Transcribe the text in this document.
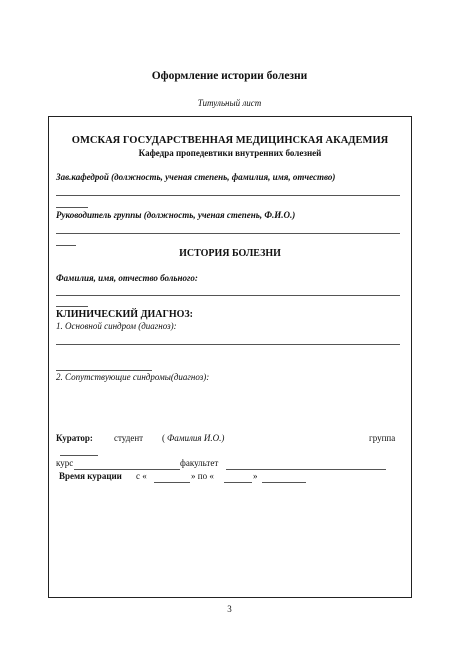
Оформление истории болезни
Титульный лист
ОМСКАЯ ГОСУДАРСТВЕННАЯ МЕДИЦИНСКАЯ АКАДЕМИЯ
Кафедра пропедевтики внутренних болезней
Зав.кафедрой (должность, ученая степень, фамилия, имя, отчество)
Руководитель группы (должность, ученая степень, Ф.И.О.)
ИСТОРИЯ БОЛЕЗНИ
Фамилия, имя, отчество больного:
КЛИНИЧЕСКИЙ ДИАГНОЗ:
1. Основной синдром (диагноз):
2. Сопутствующие синдромы(диагноз):
Куратор: студент ( Фамилия И.О.)	группа
курс	факультет
Время курации с «	» по «	»
3
